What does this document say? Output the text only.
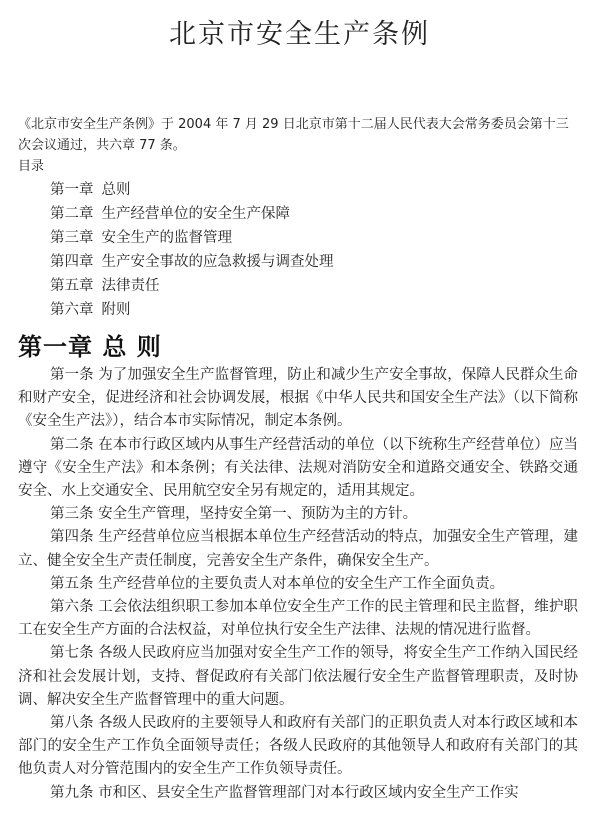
北京市安全生产条例
《北京市安全生产条例》于 2004 年 7 月 29 日北京市第十二届人民代表大会常务委员会第十三次会议通过，共六章 77 条。
目录
第一章 总则
第二章 生产经营单位的安全生产保障
第三章 安全生产的监督管理
第四章 生产安全事故的应急救援与调查处理
第五章 法律责任
第六章 附则
第一章 总 则

第一条 为了加强安全生产监督管理，防止和减少生产安全事故，保障人民群众生命和财产安全，促进经济和社会协调发展，根据《中华人民共和国安全生产法》（以下简称《安全生产法》），结合本市实际情况，制定本条例。

第二条 在本市行政区域内从事生产经营活动的单位（以下统称生产经营单位）应当遵守《安全生产法》和本条例；有关法律、法规对消防安全和道路交通安全、铁路交通安全、水上交通安全、民用航空安全另有规定的，适用其规定。

第三条 安全生产管理，坚持安全第一、预防为主的方针。

第四条 生产经营单位应当根据本单位生产经营活动的特点，加强安全生产管理，建立、健全安全生产责任制度，完善安全生产条件，确保安全生产。

第五条 生产经营单位的主要负责人对本单位的安全生产工作全面负责。

第六条 工会依法组织职工参加本单位安全生产工作的民主管理和民主监督，维护职工在安全生产方面的合法权益，对单位执行安全生产法律、法规的情况进行监督。

第七条 各级人民政府应当加强对安全生产工作的领导，将安全生产工作纳入国民经济和社会发展计划，支持、督促政府有关部门依法履行安全生产监督管理职责，及时协调、解决安全生产监督管理中的重大问题。

第八条 各级人民政府的主要领导人和政府有关部门的正职负责人对本行政区域和本部门的安全生产工作负全面领导责任；各级人民政府的其他领导人和政府有关部门的其他负责人对分管范围内的安全生产工作负领导责任。

第九条 市和区、县安全生产监督管理部门对本行政区域内安全生产工作实
